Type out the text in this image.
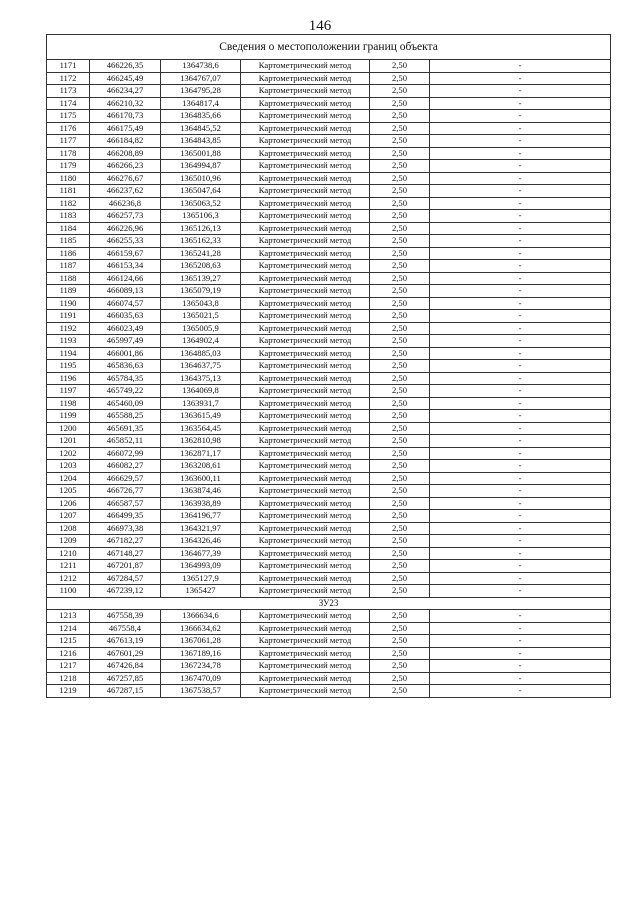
146
Сведения о местоположении границ объекта					
1171	466226,35	1364738,6	Картометрический метод	2,50	-
1172	466245,49	1364767,07	Картометрический метод	2,50	-
1173	466234,27	1364795,28	Картометрический метод	2,50	-
1174	466210,32	1364817,4	Картометрический метод	2,50	-
1175	466170,73	1364835,66	Картометрический метод	2,50	-
1176	466175,49	1364845,52	Картометрический метод	2,50	-
1177	466184,82	1364843,85	Картометрический метод	2,50	-
1178	466208,89	1365001,88	Картометрический метод	2,50	-
1179	466266,23	1364994,87	Картометрический метод	2,50	-
1180	466276,67	1365010,96	Картометрический метод	2,50	-
1181	466237,62	1365047,64	Картометрический метод	2,50	-
1182	466236,8	1365063,52	Картометрический метод	2,50	-
1183	466257,73	1365106,3	Картометрический метод	2,50	-
1184	466226,96	1365126,13	Картометрический метод	2,50	-
1185	466255,33	1365162,33	Картометрический метод	2,50	-
1186	466159,67	1365241,28	Картометрический метод	2,50	-
1187	466153,34	1365208,63	Картометрический метод	2,50	-
1188	466124,66	1365139,27	Картометрический метод	2,50	-
1189	466089,13	1365079,19	Картометрический метод	2,50	-
1190	466074,57	1365043,8	Картометрический метод	2,50	-
1191	466035,63	1365021,5	Картометрический метод	2,50	-
1192	466023,49	1365005,9	Картометрический метод	2,50	-
1193	465997,49	1364902,4	Картометрический метод	2,50	-
1194	466001,86	1364885,03	Картометрический метод	2,50	-
1195	465836,63	1364637,75	Картометрический метод	2,50	-
1196	465784,35	1364375,13	Картометрический метод	2,50	-
1197	465749,22	1364069,8	Картометрический метод	2,50	-
1198	465460,09	1363931,7	Картометрический метод	2,50	-
1199	465588,25	1363615,49	Картометрический метод	2,50	-
1200	465691,35	1363564,45	Картометрический метод	2,50	-
1201	465852,11	1362810,98	Картометрический метод	2,50	-
1202	466072,99	1362871,17	Картометрический метод	2,50	-
1203	466082,27	1363208,61	Картометрический метод	2,50	-
1204	466629,57	1363600,11	Картометрический метод	2,50	-
1205	466726,77	1363874,46	Картометрический метод	2,50	-
1206	466587,57	1363938,89	Картометрический метод	2,50	-
1207	466499,35	1364196,77	Картометрический метод	2,50	-
1208	466973,38	1364321,97	Картометрический метод	2,50	-
1209	467182,27	1364326,46	Картометрический метод	2,50	-
1210	467148,27	1364677,39	Картометрический метод	2,50	-
1211	467201,87	1364993,09	Картометрический метод	2,50	-
1212	467284,57	1365127,9	Картометрический метод	2,50	-
1100	467239,12	1365427	Картометрический метод	2,50	-
ЗУ23					
1213	467558,39	1366634,6	Картометрический метод	2,50	-
1214	467558,4	1366634,62	Картометрический метод	2,50	-
1215	467613,19	1367061,28	Картометрический метод	2,50	-
1216	467601,29	1367189,16	Картометрический метод	2,50	-
1217	467426,84	1367234,78	Картометрический метод	2,50	-
1218	467257,85	1367470,09	Картометрический метод	2,50	-
1219	467287,15	1367538,57	Картометрический метод	2,50	-
